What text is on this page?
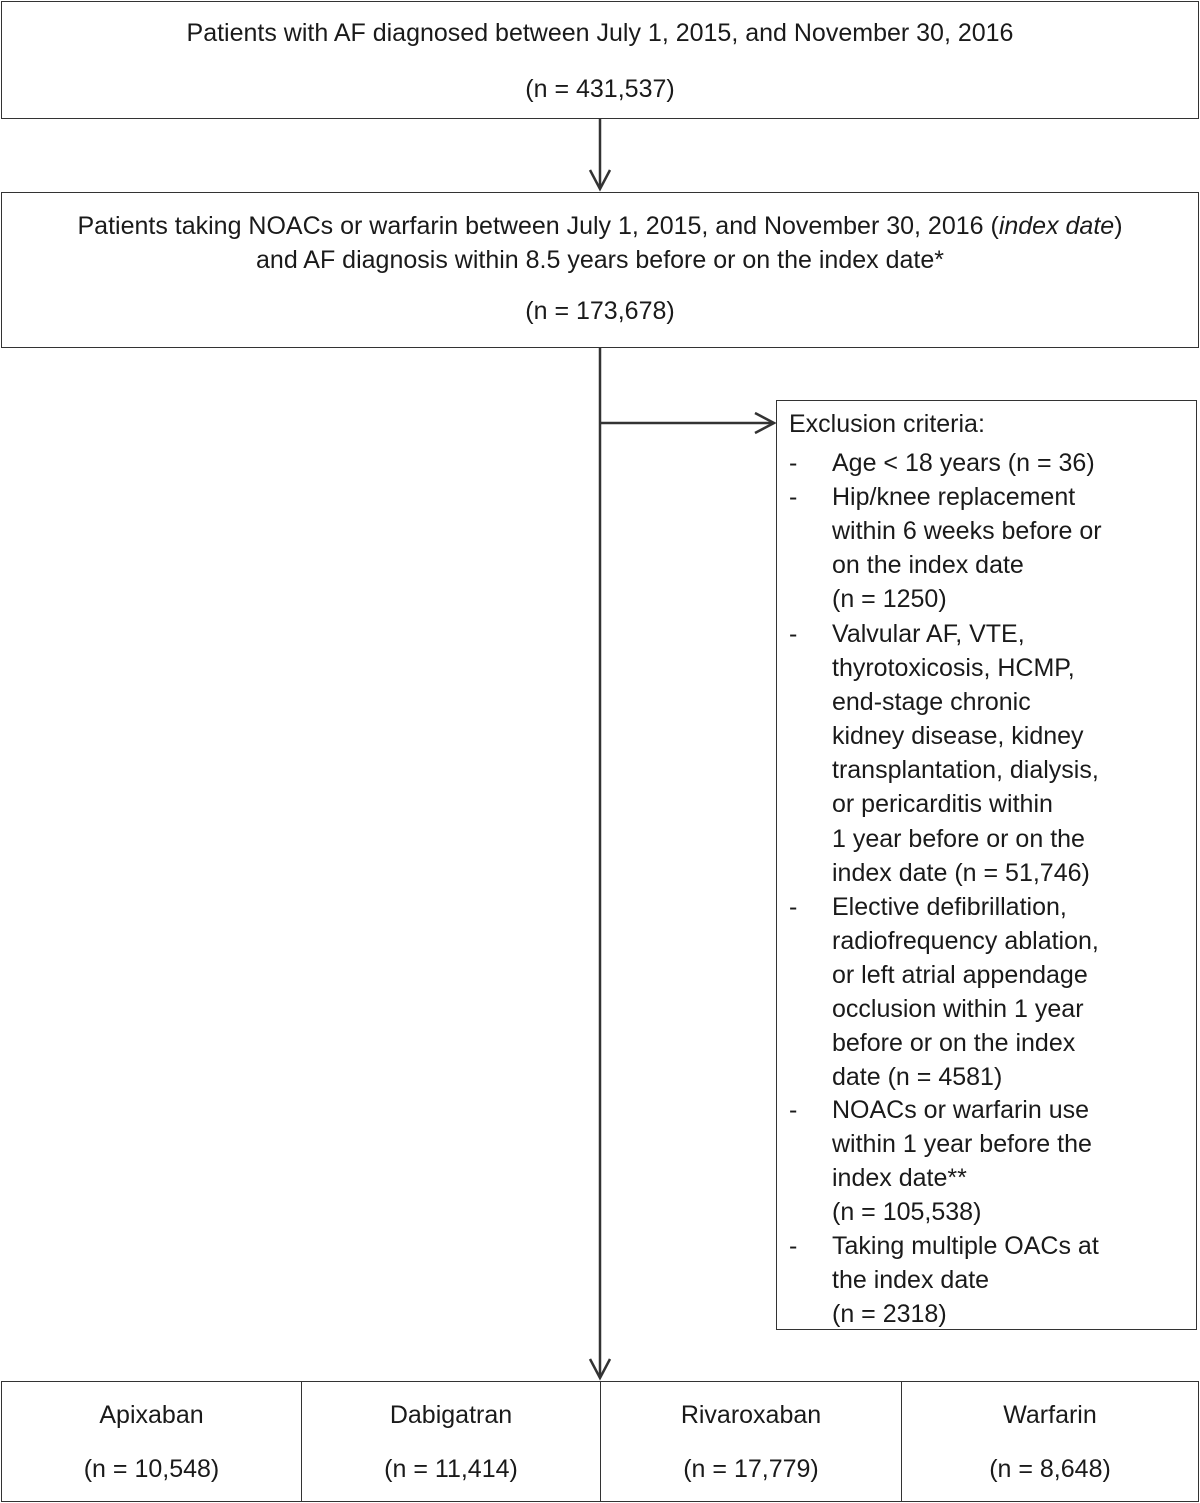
Patients with AF diagnosed between July 1, 2015, and November 30, 2016
(n = 431,537)
Patients taking NOACs or warfarin between July 1, 2015, and November 30, 2016 (index date)
and AF diagnosis within 8.5 years before or on the index date*
(n = 173,678)
Exclusion criteria:
- Age < 18 years (n = 36)
- Hip/knee replacement
within 6 weeks before or
on the index date
(n = 1250)
- Valvular AF, VTE,
thyrotoxicosis, HCMP,
end-stage chronic
kidney disease, kidney
transplantation, dialysis,
or pericarditis within
1 year before or on the
index date (n = 51,746)
- Elective defibrillation,
radiofrequency ablation,
or left atrial appendage
occlusion within 1 year
before or on the index
date (n = 4581)
- NOACs or warfarin use
within 1 year before the
index date**
(n = 105,538)
- Taking multiple OACs at
the index date
(n = 2318)
Apixaban
(n = 10,548)
Dabigatran
(n = 11,414)
Rivaroxaban
(n = 17,779)
Warfarin
(n = 8,648)
